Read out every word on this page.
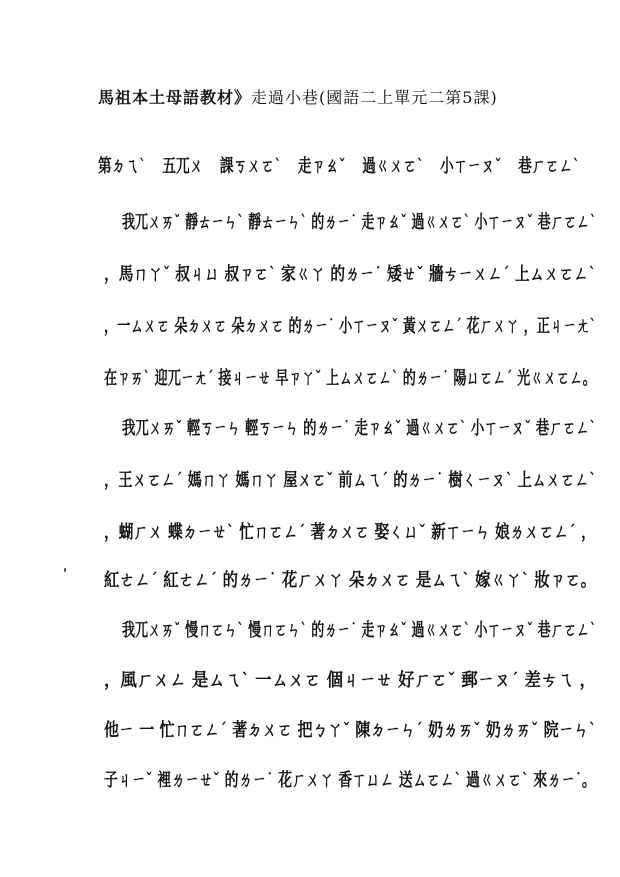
馬祖本土母語教材》走過小巷(國語二上單元二第5課)
第ㄉㄟˋ 五ㄫㄨ 課ㄎㄨㄛˋ 走ㄗㄠˇ 過ㄍㄨㄛˋ 小ㄒㄧㄡˇ 巷ㄏㄛㄥˋ
我ㄫㄨㄞˇ 靜ㄊㄧㄣˋ 靜ㄊㄧㄣˋ 的ㄌㄧ˙ 走ㄗㄠˇ 過ㄍㄨㄛˋ 小ㄒㄧㄡˇ 巷ㄏㄛㄥˋ
，馬ㄇㄚˇ 叔ㄐㄩ 叔ㄗㄛˋ 家ㄍㄚ 的ㄌㄧ˙ 矮ㄝˇ 牆ㄘㄧㄨㄥˊ 上ㄙㄨㄛㄥˋ
，一ㄙㄨㄛ 朵ㄉㄨㄛ 朵ㄉㄨㄛ 的ㄌㄧ˙ 小ㄒㄧㄡˇ 黃ㄨㄛㄥˊ 花ㄏㄨㄚ ，正ㄐㄧㄤˋ
在ㄗㄞˋ 迎ㄫㄧㄤˊ 接ㄐㄧㄝ 早ㄗㄚˇ 上ㄙㄨㄛㄥˋ 的ㄌㄧ˙ 陽ㄩㄛㄥˊ 光ㄍㄨㄛㄥ。
我ㄫㄨㄞˇ 輕ㄎㄧㄣ 輕ㄎㄧㄣ 的ㄌㄧ˙ 走ㄗㄠˇ 過ㄍㄨㄛˋ 小ㄒㄧㄡˇ 巷ㄏㄛㄥˋ
，王ㄨㄛㄥˊ 媽ㄇㄚ 媽ㄇㄚ 屋ㄨㄛˇ 前ㄙㄟˊ 的ㄌㄧ˙ 樹ㄑㄧㄡˋ 上ㄙㄨㄛㄥˋ
，蝴ㄏㄨ 蝶ㄉㄧㄝˋ 忙ㄇㄛㄥˊ 著ㄉㄨㄛ 娶ㄑㄩˇ 新ㄒㄧㄣ 娘ㄌㄨㄛㄥˊ ，
紅ㄜㄥˊ 紅ㄜㄥˊ 的ㄌㄧ˙ 花ㄏㄨㄚ 朵ㄉㄨㄛ 是ㄙㄟˋ 嫁ㄍㄚˋ 妝ㄗㄛ。
我ㄫㄨㄞˇ 慢ㄇㄛㄣˋ 慢ㄇㄛㄣˋ 的ㄌㄧ˙ 走ㄗㄠˇ 過ㄍㄨㄛˋ 小ㄒㄧㄡˇ 巷ㄏㄛㄥˋ
，風ㄏㄨㄥ 是ㄙㄟˋ 一ㄙㄨㄛ 個ㄐㄧㄝ 好ㄏㄛˇ 郵ㄧㄡˊ 差ㄘㄟ ，
他ㄧ 一 忙ㄇㄛㄥˊ 著ㄉㄨㄛ 把ㄅㄚˇ 陳ㄉㄧㄣˊ 奶ㄌㄞˇ 奶ㄌㄞˇ 院ㄧㄣˋ
子ㄐㄧˇ 裡ㄌㄧㄝˇ 的ㄌㄧ˙ 花ㄏㄨㄚ 香ㄒㄩㄥ 送ㄙㄛㄥˋ 過ㄍㄨㄛˋ 來ㄌㄧ˙。
